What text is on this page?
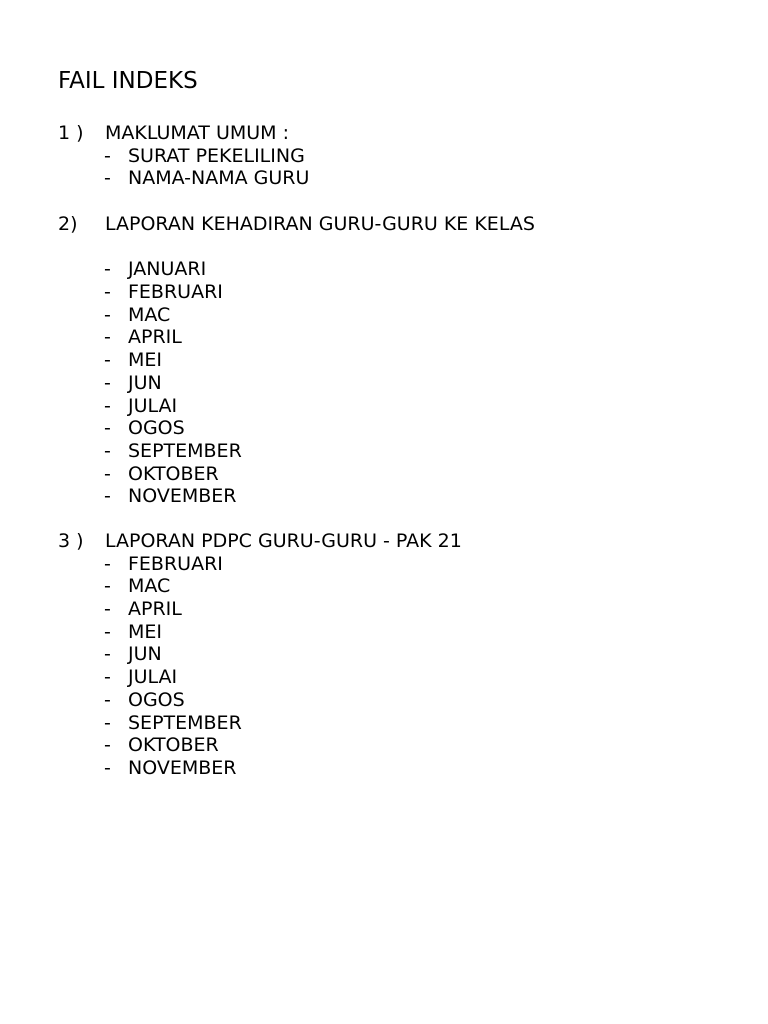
FAIL INDEKS
1 ) MAKLUMAT UMUM :
- SURAT PEKELILING
- NAMA-NAMA GURU
2) LAPORAN KEHADIRAN GURU-GURU KE KELAS
- JANUARI
- FEBRUARI
- MAC
- APRIL
- MEI
- JUN
- JULAI
- OGOS
- SEPTEMBER
- OKTOBER
- NOVEMBER
3 ) LAPORAN PDPC GURU-GURU - PAK 21
- FEBRUARI
- MAC
- APRIL
- MEI
- JUN
- JULAI
- OGOS
- SEPTEMBER
- OKTOBER
- NOVEMBER
